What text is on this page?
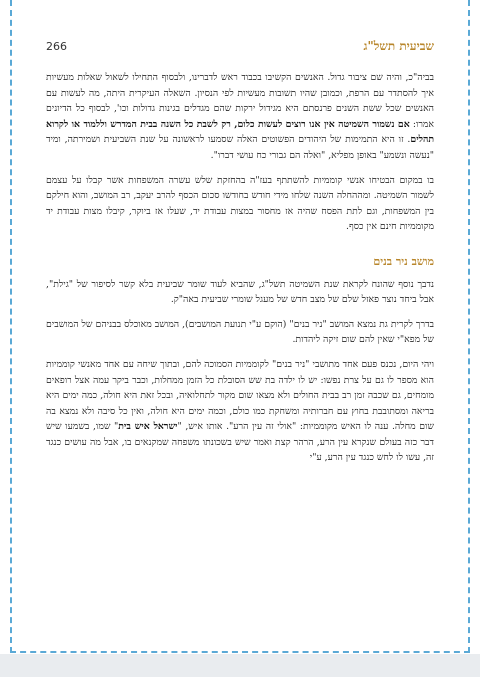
266	שביעית תשל"ג

בביה"כ, והיה שם ציבור גדול. האנשים הקשיבו בכבוד ראש לדברינו, ולבסוף התחילו לשאול שאלות מעשיות איך להסתדר עם הרפת, וכמובן שהיו תשובות מעשיות לפי הנסיון. השאלה העיקרית היתה, מה לעשות עם האנשים שכל ששת השנים פרנסתם היא מגידול ירקות שהם מגדלים בגינות גדולות וכו', לבסוף כל הדיונים אמרו: אם נשמור השמיטה אין אנו רוצים לעשות כלום, רק לשבת כל השנה בבית המדרש וללמוד או לקרוא תהלים. זו היא התמימות של היהודים הפשוטים האלה שסמעו לראשונה על שנת השביעית ושמירתה, ומיד "נעשה ונשמע" באופן מפליא, "ואלה הם גבורי כח עושי דברו".

בו במקום הבטיחו אנשי קוממיות להשתתף בעז"ה בהחזקת שלש עשרה המשפחות אשר קבלו על עצמם לשמור השמיטה. ומההחלה השנה שלחו מידי חודש בחודשו סכום הכסף להרב יעקב, רב המושב, והוא חילקם בין המשפחות, וגם לתת הפסח שהיה אז מחסור במצות עבודת יד, שעלו אז ביוקר, קיבלו מצות עבודת יד מקוממיות חינם אין כסף.

מושב ניר בנים

נדבך נוסף שהונח לקראת שנת השמיטה תשל"ג, שהביא לעוד שומר שביעית בלא קשר לסיפור של "גילת", אבל ביחד נוצר פאזל שלם של מצב חדש של מעגל שומרי שביעית באה"ק.

בדרך לקרית גת נמצא המושב "ניר בנים" (הוקם ע"י תנועת המושבים), המושב מאוכלס בבניהם של המושבים של מפא"י שאין להם שום זיקה ליהדות.

ויהי היום, נכנס פעם אחד מתושבי "ניר בנים" לקוממיות הסמוכה להם, ובתוך שיחה עם אחד מאנשי קוממיות הוא מספר לו גם על צרת נפשו: יש לו ילדה בת שש הסובלת כל הזמן ממחלות, וכבר ביקר עמה אצל רופאים מומחים, גם שכבה זמן רב בבית החולים ולא מצאו שום מקור לתחלואיה, ובכל זאת היא חולה, כמה ימים היא בריאה ומסתובבת בחוץ עם חברותיה ומשחקת כמו כולם, וכמה ימים היא חולה, ואין כל סיבה ולא נמצא בה שום מחלה. ענה לו האיש מקוממיות: "אולי זה עין הרע". אותו איש, "ישראל איש בית" שמו, בשמעו שיש דבר כזה בעולם שנקרא עין הרע, הרהר קצת ואמר שיש בשכונתו משפחה שמקנאים בו, אבל מה עושים כנגד זה, עשו לו לחש כנגד עין הרע, ע"י
